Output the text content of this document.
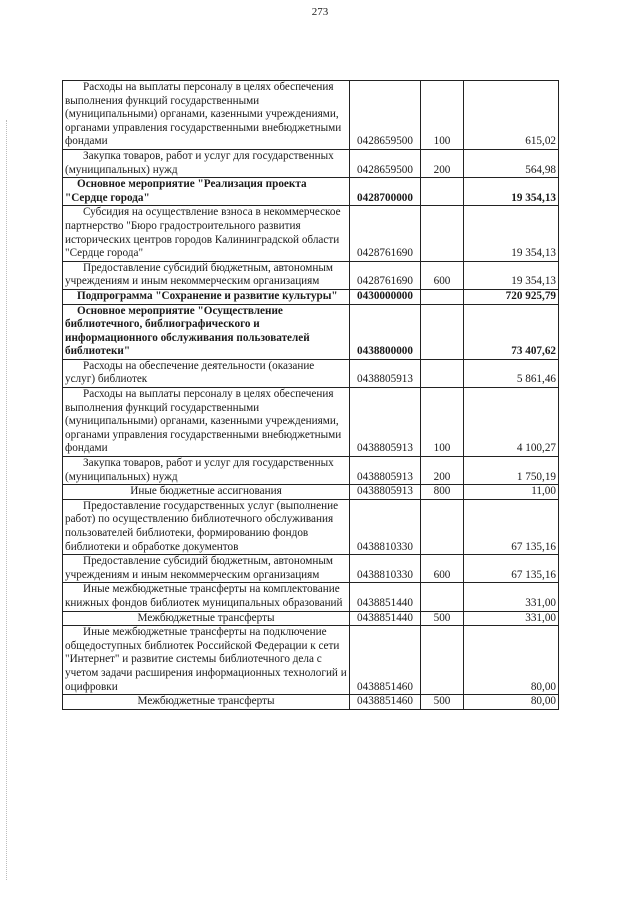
273
Расходы на выплаты персоналу в целях обеспечения выполнения функций государственными (муниципальными) органами, казенными учреждениями, органами управления государственными внебюджетными фондами	0428659500	100	615,02

Закупка товаров, работ и услуг для государственных (муниципальных) нужд	0428659500	200	564,98

Основное мероприятие "Реализация проекта "Сердце города"	0428700000		19 354,13

Субсидия на осуществление взноса в некоммерческое партнерство "Бюро градостроительного развития исторических центров городов Калининградской области "Сердце города"	0428761690		19 354,13

Предоставление субсидий бюджетным, автономным учреждениям и иным некоммерческим организациям	0428761690	600	19 354,13

Подпрограмма "Сохранение и развитие культуры"	0430000000		720 925,79

Основное мероприятие "Осуществление библиотечного, библиографического и информационного обслуживания пользователей библиотеки"	0438800000		73 407,62

Расходы на обеспечение деятельности (оказание услуг) библиотек	0438805913		5 861,46

Расходы на выплаты персоналу в целях обеспечения выполнения функций государственными (муниципальными) органами, казенными учреждениями, органами управления государственными внебюджетными фондами	0438805913	100	4 100,27

Закупка товаров, работ и услуг для государственных (муниципальных) нужд	0438805913	200	1 750,19

Иные бюджетные ассигнования	0438805913	800	11,00

Предоставление государственных услуг (выполнение работ) по осуществлению библиотечного обслуживания пользователей библиотеки, формированию фондов библиотеки и обработке документов	0438810330		67 135,16

Предоставление субсидий бюджетным, автономным учреждениям и иным некоммерческим организациям	0438810330	600	67 135,16

Иные межбюджетные трансферты на комплектование книжных фондов библиотек муниципальных образований	0438851440		331,00

Межбюджетные трансферты	0438851440	500	331,00

Иные межбюджетные трансферты на подключение общедоступных библиотек Российской Федерации к сети "Интернет" и развитие системы библиотечного дела с учетом задачи расширения информационных технологий и оцифровки	0438851460		80,00

Межбюджетные трансферты	0438851460	500	80,00
